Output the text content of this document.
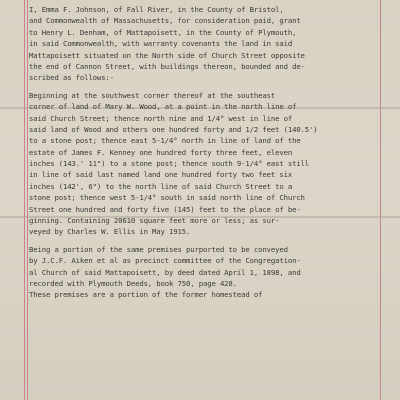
I, Emma F. Johnson, of Fall River, in the County of Bristol,
and Commonwealth of Massachusetts, for consideration paid, grant
to Henry L. Denham, of Mattapoisett, in the County of Plymouth,
in said Commonwealth, with warranty covenants the land in said
Mattapoisett situated on the North side of Church Street opposite
the end of Cannon Street, with buildings thereon, bounded and de-
scribed as follows:-
Beginning at the southwest corner thereof at the southeast
corner of land of Mary W. Wood, at a point in the north line of
said Church Street; thence north nine and 1/4° west in line of
said land of Wood and others one hundred forty and 1/2 feet (140.5')
to a stone post; thence east 5-1/4° north in line of land of the
estate of James F. Kenney one hundred forty three feet, eleven
inches (143.' 11") to a stone post; thence south 9-1/4° east still
in line of said last named land one hundred forty two feet six
inches (142', 6") to the north line of said Church Street to a
stone post; thence west 5-1/4° south in said north line of Church
Street one hundred and forty five (145) feet to the place of be-
ginning. Containing 20610 square feet more or less; as sur-
veyed by Charles W. Ellis in May 1915.
Being a portion of the same premises purported to be conveyed
by J.C.F. Aiken et al as precinct committee of the Congregation-
al Church of said Mattapoisett, by deed dated April 1, 1898, and
recorded with Plymouth Deeds, book 750, page 428.
These premises are a portion of the former homestead of
